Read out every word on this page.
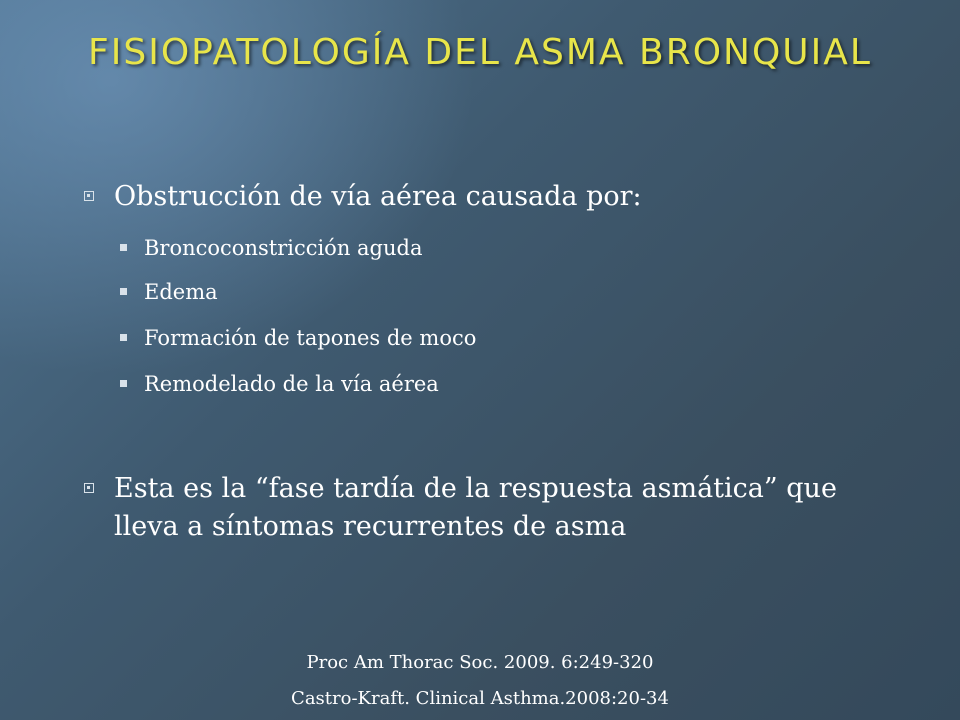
FISIOPATOLOGÍA DEL ASMA BRONQUIAL
Obstrucción de vía aérea causada por:
Broncoconstricción aguda
Edema
Formación de tapones de moco
Remodelado de la vía aérea
Esta es la “fase tardía de la respuesta asmática” que lleva a síntomas recurrentes de asma
Proc Am Thorac Soc. 2009. 6:249-320
Castro-Kraft. Clinical Asthma.2008:20-34
